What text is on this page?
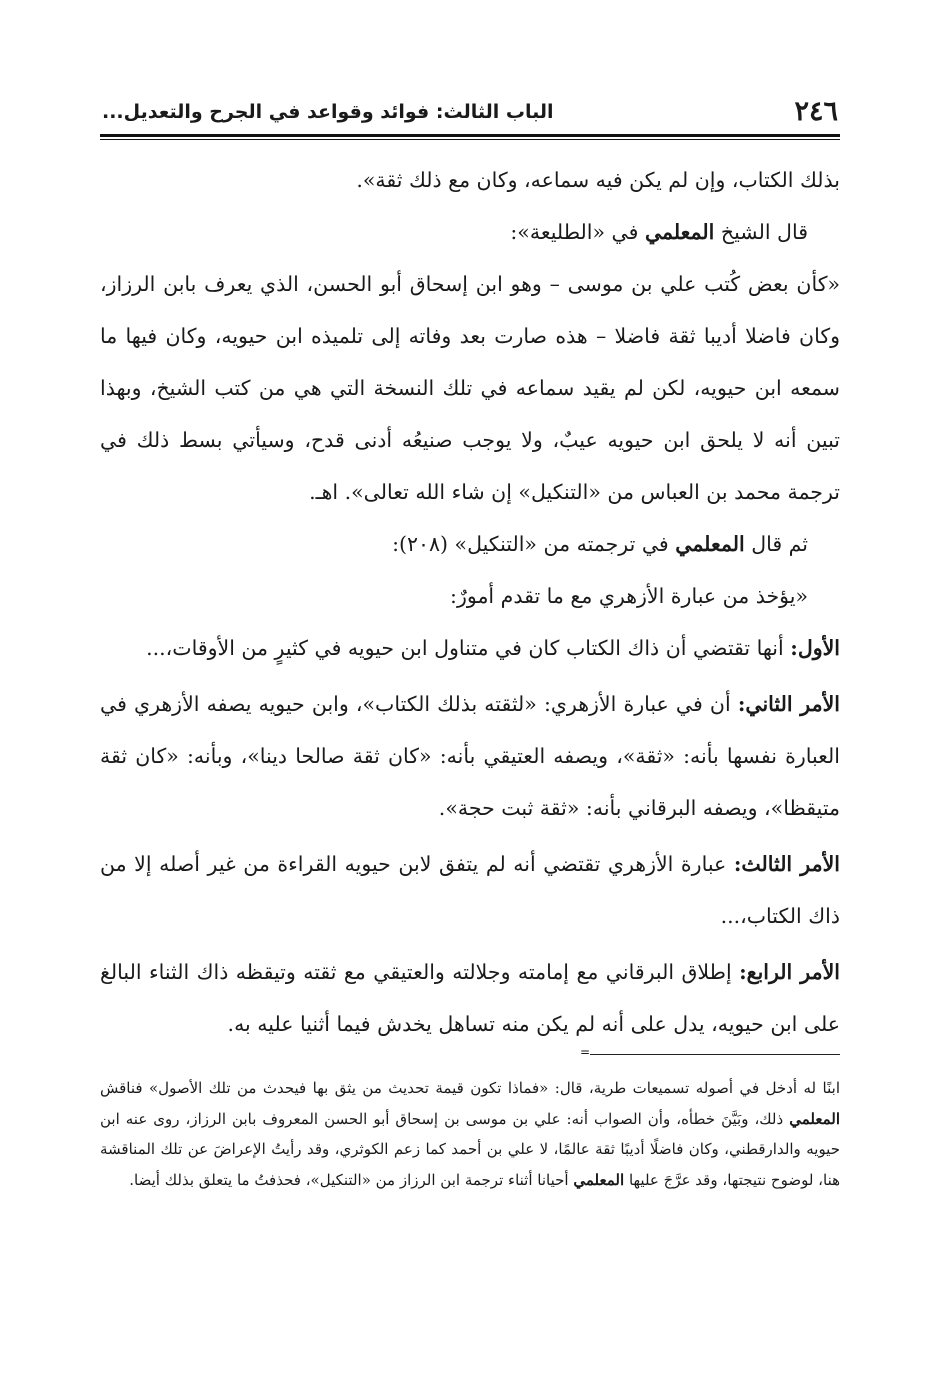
٢٤٦
الباب الثالث: فوائد وقواعد في الجرح والتعديل...

بذلك الكتاب، وإن لم يكن فيه سماعه، وكان مع ذلك ثقة».

قال الشيخ المعلمي في «الطليعة»:

«كأن بعض كُتب علي بن موسى – وهو ابن إسحاق أبو الحسن، الذي يعرف بابن الرزاز، وكان فاضلا أديبا ثقة فاضلا – هذه صارت بعد وفاته إلى تلميذه ابن حيويه، وكان فيها ما سمعه ابن حيويه، لكن لم يقيد سماعه في تلك النسخة التي هي من كتب الشيخ، وبهذا تبين أنه لا يلحق ابن حيويه عيبٌ، ولا يوجب صنيعُه أدنى قدح، وسيأتي بسط ذلك في ترجمة محمد بن العباس من «التنكيل» إن شاء الله تعالى». اهـ.

ثم قال المعلمي في ترجمته من «التنكيل» (٢٠٨):

«يؤخذ من عبارة الأزهري مع ما تقدم أمورٌ:

الأول: أنها تقتضي أن ذاك الكتاب كان في متناول ابن حيويه في كثيرٍ من الأوقات،...

الأمر الثاني: أن في عبارة الأزهري: «لثقته بذلك الكتاب»، وابن حيويه يصفه الأزهري في العبارة نفسها بأنه: «ثقة»، ويصفه العتيقي بأنه: «كان ثقة صالحا دينا»، وبأنه: «كان ثقة متيقظا»، ويصفه البرقاني بأنه: «ثقة ثبت حجة».

الأمر الثالث: عبارة الأزهري تقتضي أنه لم يتفق لابن حيويه القراءة من غير أصله إلا من ذاك الكتاب،...

الأمر الرابع: إطلاق البرقاني مع إمامته وجلالته والعتيقي مع ثقته وتيقظه ذاك الثناء البالغ على ابن حيويه، يدل على أنه لم يكن منه تساهل يخدش فيما أثنيا عليه به.

=
ابنًا له أدخل في أصوله تسميعات طرية، قال: «فماذا تكون قيمة تحديث من يثق بها فيحدث من تلك الأصول» فناقش المعلمي ذلك، وبَيَّنَ خطأه، وأن الصواب أنه: علي بن موسى بن إسحاق أبو الحسن المعروف بابن الرزاز، روى عنه ابن حيويه والدارقطني، وكان فاضلًا أديبًا ثقة عالمًا، لا علي بن أحمد كما زعم الكوثري، وقد رأيتُ الإعراضَ عن تلك المناقشة هنا، لوضوح نتيجتها، وقد عرَّجَ عليها المعلمي أحيانا أثناء ترجمة ابن الرزاز من «التنكيل»، فحذفتُ ما يتعلق بذلك أيضا.
